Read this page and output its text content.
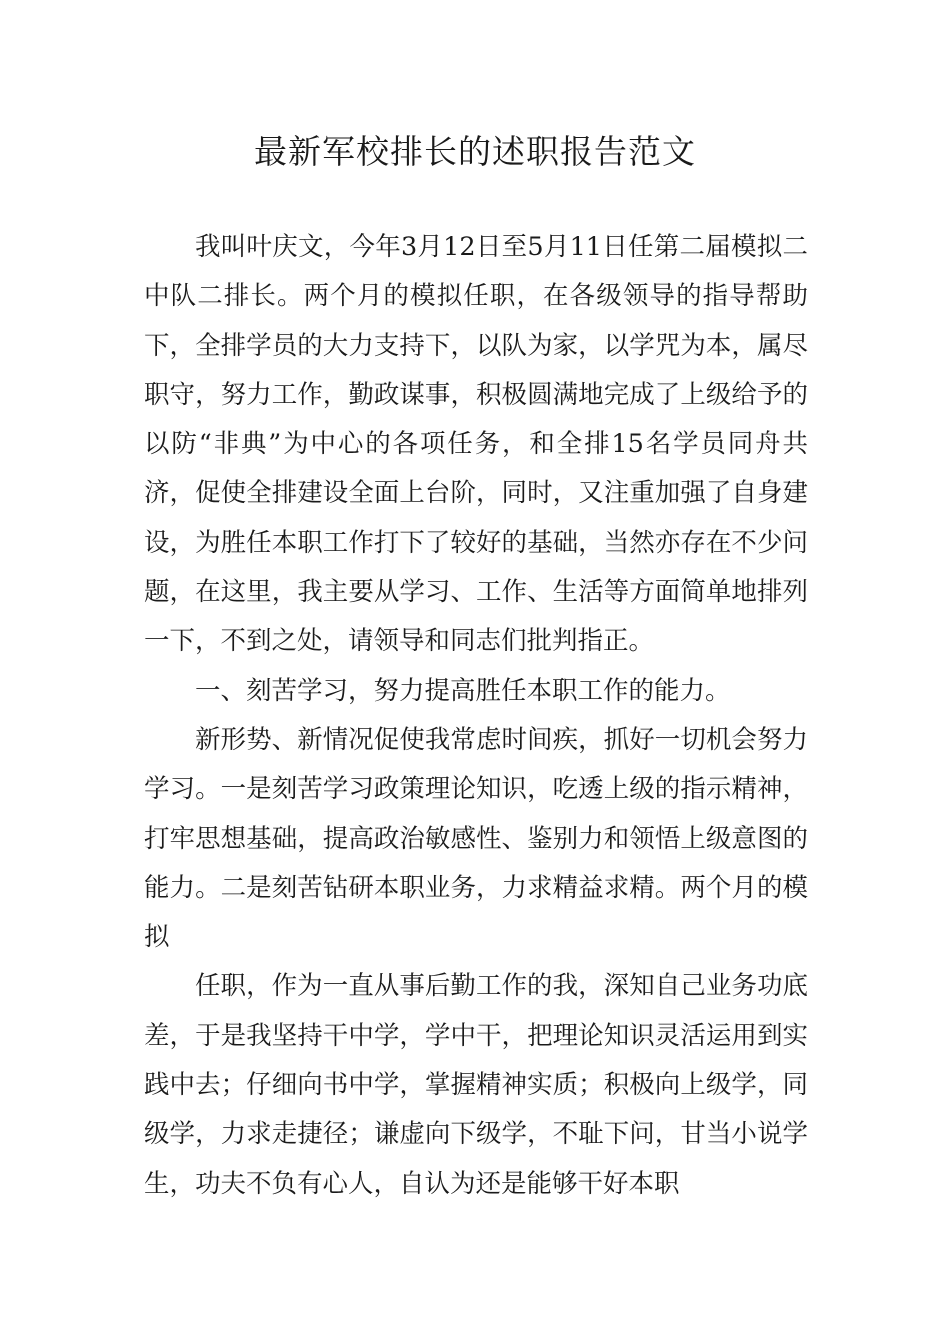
最新军校排长的述职报告范文

我叫叶庆文，今年3月12日至5月11日任第二届模拟二中队二排长。两个月的模拟任职，在各级领导的指导帮助下，全排学员的大力支持下，以队为家，以学咒为本，属尽职守，努力工作，勤政谋事，积极圆满地完成了上级给予的以防“非典”为中心的各项任务，和全排15名学员同舟共济，促使全排建设全面上台阶，同时，又注重加强了自身建设，为胜任本职工作打下了较好的基础，当然亦存在不少问题，在这里，我主要从学习、工作、生活等方面简单地排列一下，不到之处，请领导和同志们批判指正。

一、刻苦学习，努力提高胜任本职工作的能力。

新形势、新情况促使我常虑时间疾，抓好一切机会努力学习。一是刻苦学习政策理论知识，吃透上级的指示精神，打牢思想基础，提高政治敏感性、鉴别力和领悟上级意图的能力。二是刻苦钻研本职业务，力求精益求精。两个月的模拟

任职，作为一直从事后勤工作的我，深知自己业务功底差，于是我坚持干中学，学中干，把理论知识灵活运用到实践中去；仔细向书中学，掌握精神实质；积极向上级学，同级学，力求走捷径；谦虚向下级学，不耻下问，甘当小说学生，功夫不负有心人，自认为还是能够干好本职
